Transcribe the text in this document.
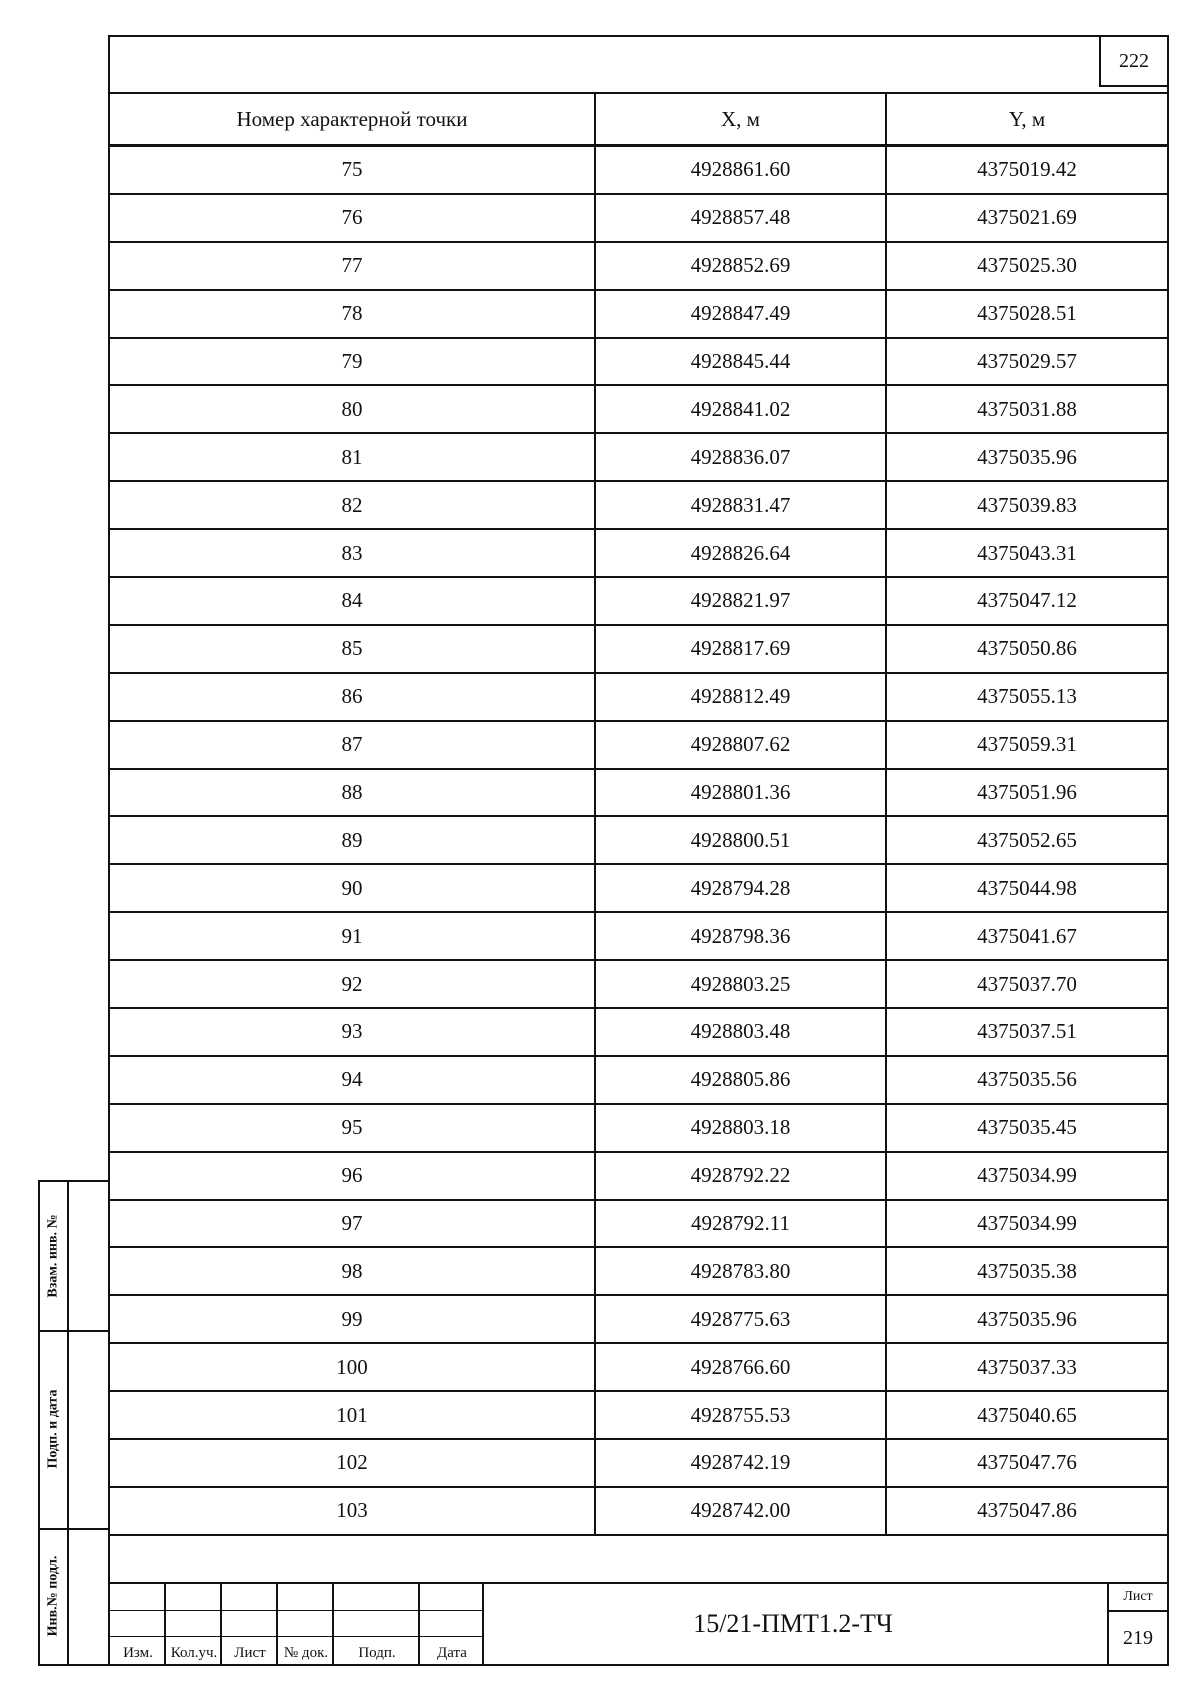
222
Номер характерной точки	X, м	Y, м
75	4928861.60	4375019.42
76	4928857.48	4375021.69
77	4928852.69	4375025.30
78	4928847.49	4375028.51
79	4928845.44	4375029.57
80	4928841.02	4375031.88
81	4928836.07	4375035.96
82	4928831.47	4375039.83
83	4928826.64	4375043.31
84	4928821.97	4375047.12
85	4928817.69	4375050.86
86	4928812.49	4375055.13
87	4928807.62	4375059.31
88	4928801.36	4375051.96
89	4928800.51	4375052.65
90	4928794.28	4375044.98
91	4928798.36	4375041.67
92	4928803.25	4375037.70
93	4928803.48	4375037.51
94	4928805.86	4375035.56
95	4928803.18	4375035.45
96	4928792.22	4375034.99
97	4928792.11	4375034.99
98	4928783.80	4375035.38
99	4928775.63	4375035.96
100	4928766.60	4375037.33
101	4928755.53	4375040.65
102	4928742.19	4375047.76
103	4928742.00	4375047.86
Изм.	Кол.уч.	Лист	№ док.	Подп.	Дата
15/21-ПМТ1.2-ТЧ
Лист
219
Взам. инв. №
Подп. и дата
Инв.№ подл.
